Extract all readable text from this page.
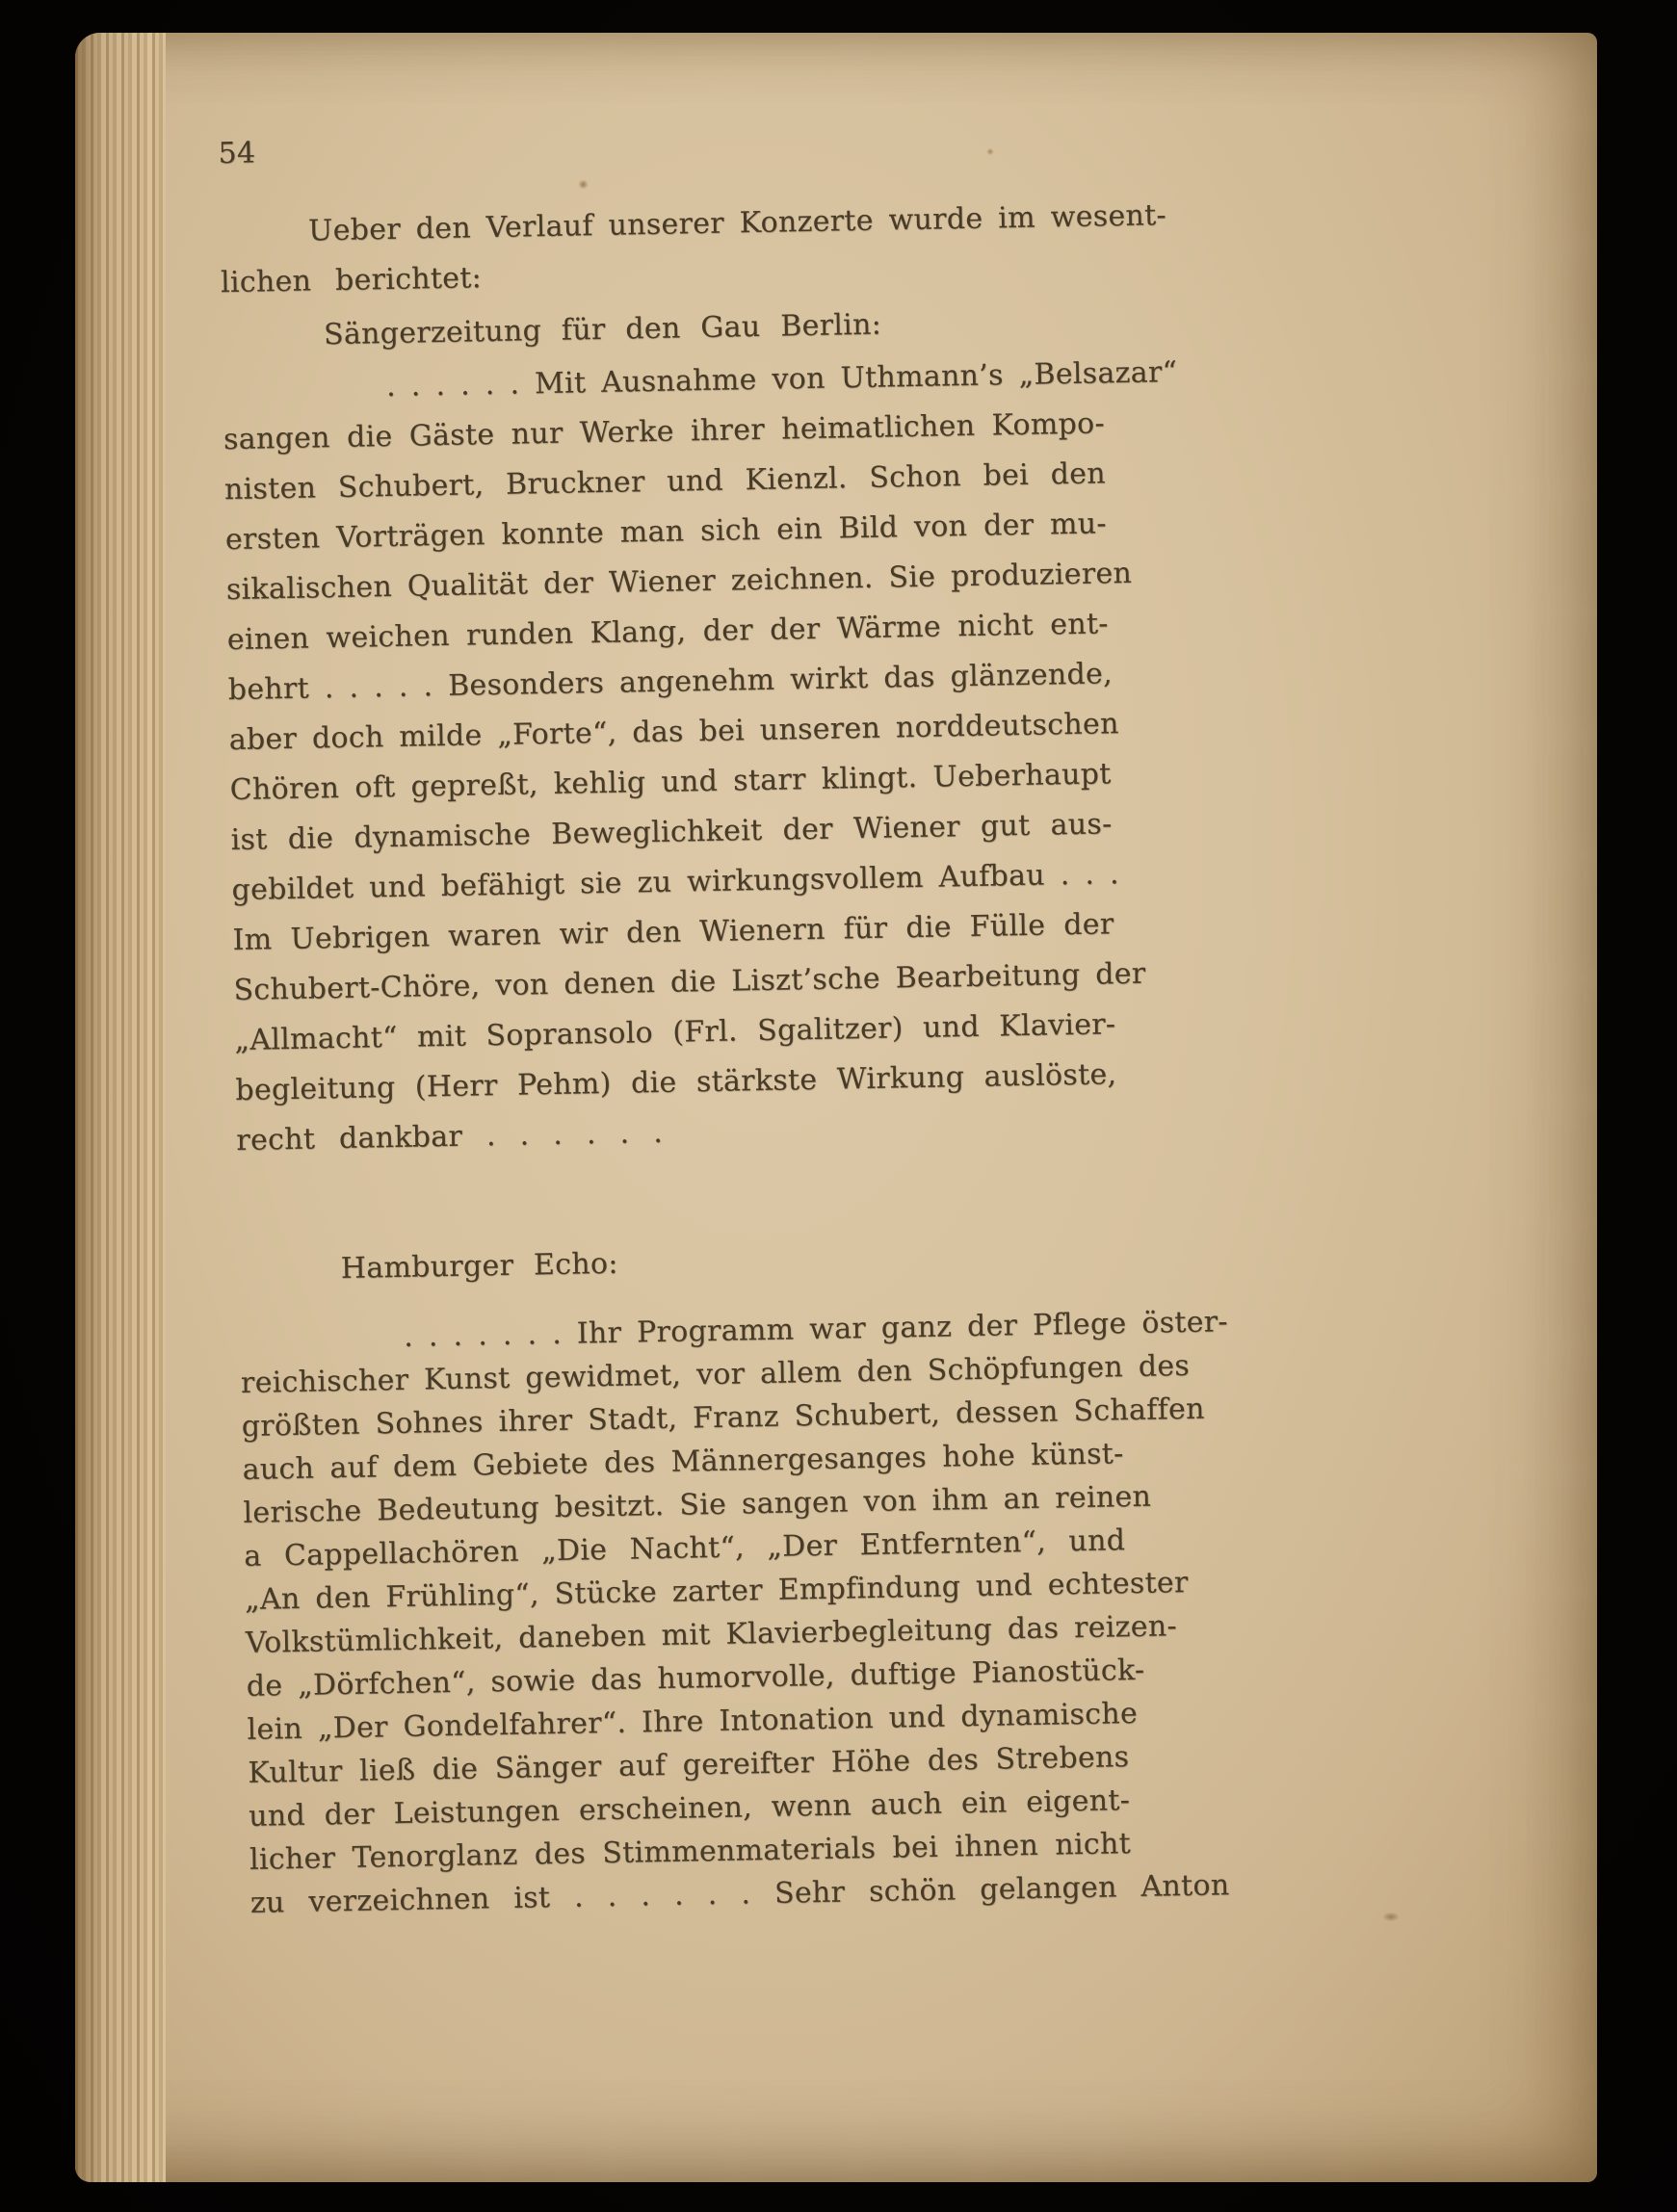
54
Ueber den Verlauf unserer Konzerte wurde im wesent-
lichen berichtet:
Sängerzeitung für den Gau Berlin:
. . . . . . Mit Ausnahme von Uthmann’s „Belsazar“
sangen die Gäste nur Werke ihrer heimatlichen Kompo-
nisten Schubert, Bruckner und Kienzl. Schon bei den
ersten Vorträgen konnte man sich ein Bild von der mu-
sikalischen Qualität der Wiener zeichnen. Sie produzieren
einen weichen runden Klang, der der Wärme nicht ent-
behrt . . . . . Besonders angenehm wirkt das glänzende,
aber doch milde „Forte“, das bei unseren norddeutschen
Chören oft gepreßt, kehlig und starr klingt. Ueberhaupt
ist die dynamische Beweglichkeit der Wiener gut aus-
gebildet und befähigt sie zu wirkungsvollem Aufbau . . .
Im Uebrigen waren wir den Wienern für die Fülle der
Schubert-Chöre, von denen die Liszt’sche Bearbeitung der
„Allmacht“ mit Sopransolo (Frl. Sgalitzer) und Klavier-
begleitung (Herr Pehm) die stärkste Wirkung auslöste,
recht dankbar . . . . . .
Hamburger Echo:
. . . . . . . Ihr Programm war ganz der Pflege öster-
reichischer Kunst gewidmet, vor allem den Schöpfungen des
größten Sohnes ihrer Stadt, Franz Schubert, dessen Schaffen
auch auf dem Gebiete des Männergesanges hohe künst-
lerische Bedeutung besitzt. Sie sangen von ihm an reinen
a Cappellachören „Die Nacht“, „Der Entfernten“, und
„An den Frühling“, Stücke zarter Empfindung und echtester
Volkstümlichkeit, daneben mit Klavierbegleitung das reizen-
de „Dörfchen“, sowie das humorvolle, duftige Pianostück-
lein „Der Gondelfahrer“. Ihre Intonation und dynamische
Kultur ließ die Sänger auf gereifter Höhe des Strebens
und der Leistungen erscheinen, wenn auch ein eigent-
licher Tenorglanz des Stimmenmaterials bei ihnen nicht
zu verzeichnen ist . . . . . . Sehr schön gelangen Anton
